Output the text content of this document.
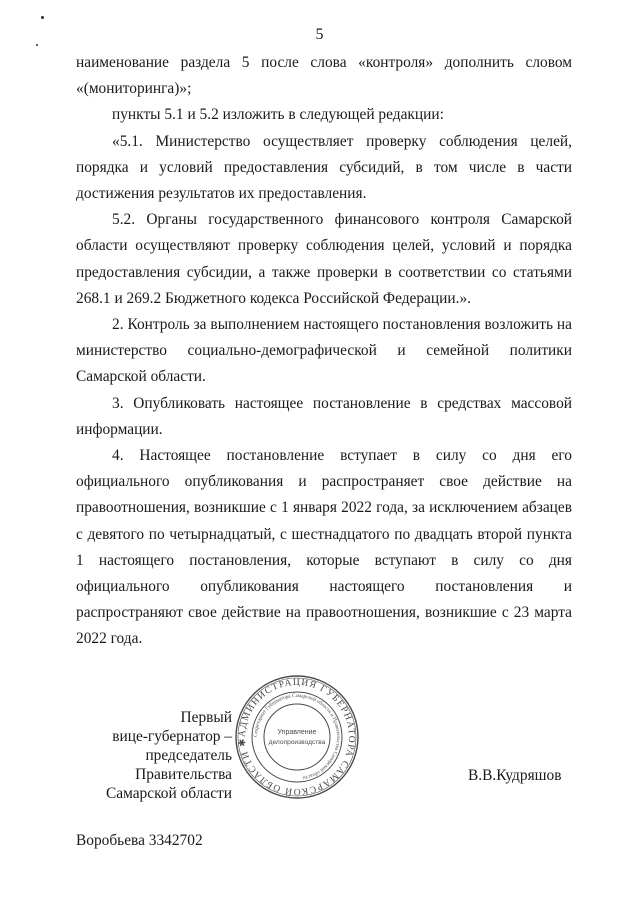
5

наименование раздела 5 после слова «контроля» дополнить словом «(мониторинга)»;

пункты 5.1 и 5.2 изложить в следующей редакции:

«5.1. Министерство осуществляет проверку соблюдения целей, порядка и условий предоставления субсидий, в том числе в части достижения результатов их предоставления.

5.2. Органы государственного финансового контроля Самарской области осуществляют проверку соблюдения целей, условий и порядка предоставления субсидии, а также проверки в соответствии со статьями 268.1 и 269.2 Бюджетного кодекса Российской Федерации.».

2. Контроль за выполнением настоящего постановления возложить на министерство социально-демографической и семейной политики Самарской области.

3. Опубликовать настоящее постановление в средствах массовой информации.

4. Настоящее постановление вступает в силу со дня его официального опубликования и распространяет свое действие на правоотношения, возникшие с 1 января 2022 года, за исключением абзацев с девятого по четырнадцатый, с шестнадцатого по двадцать второй пункта 1 настоящего постановления, которые вступают в силу со дня официального опубликования настоящего постановления и распространяют свое действие на правоотношения, возникшие с 23 марта 2022 года.

Первый
вице-губернатор –
председатель Правительства
Самарской области
АДМИНИСТРАЦИЯ ГУБЕРНАТОРА САМАРСКОЙ ОБЛАСТИ ✱
Секретариат Губернатора Самарской области и Правительства Самарской области
Управление
делопроизводства
В.В.Кудряшов
Воробьева 3342702
